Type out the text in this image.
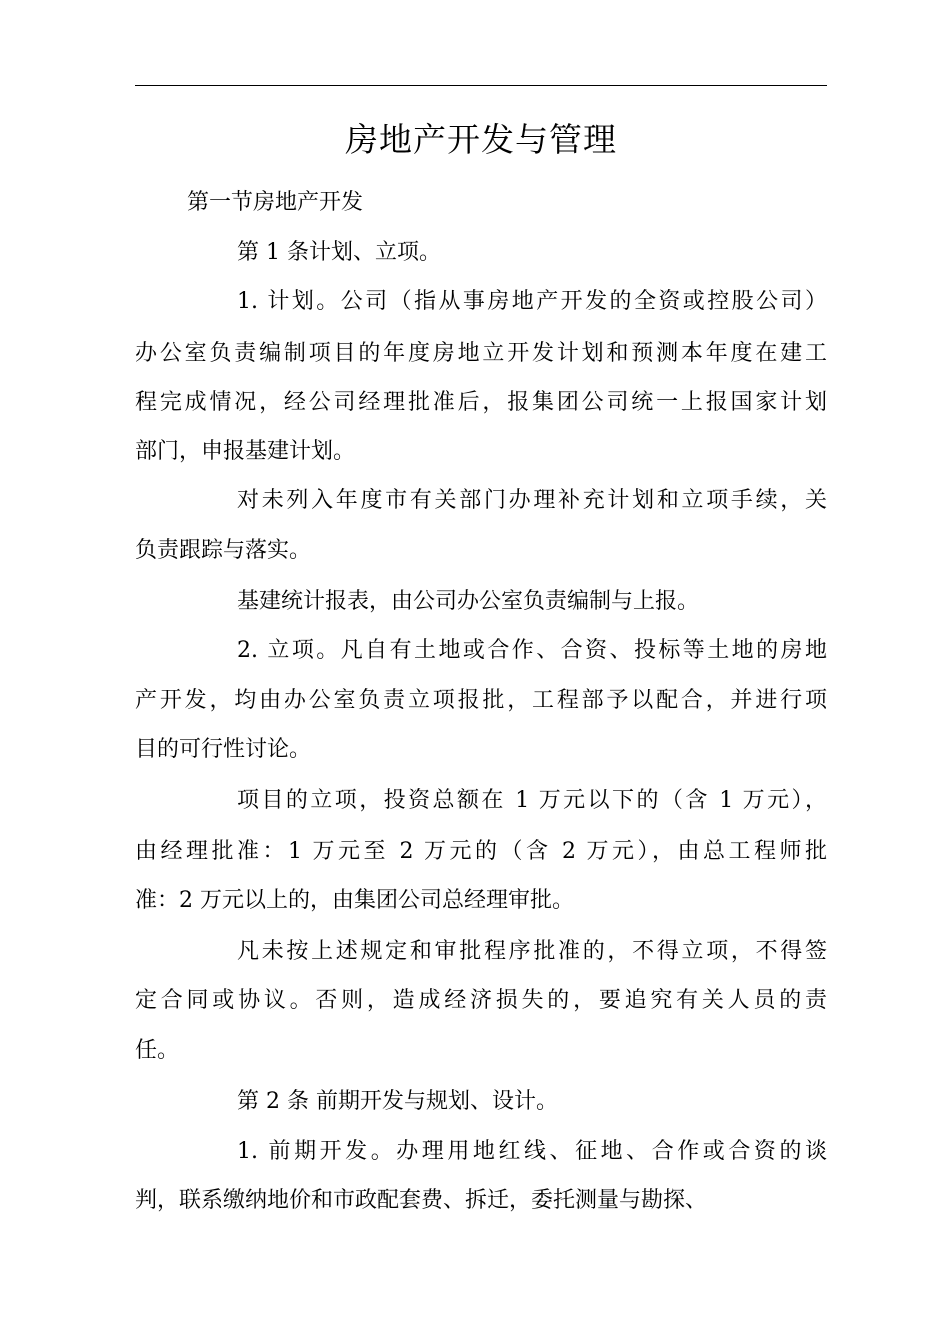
房地产开发与管理

第一节房地产开发

第 1 条计划、立项。

1. 计划。公司（指从事房地产开发的全资或控股公司）

办公室负责编制项目的年度房地立开发计划和预测本年度在建工

程完成情况，经公司经理批准后，报集团公司统一上报国家计划

部门，申报基建计划。

对未列入年度市有关部门办理补充计划和立项手续，关

负责跟踪与落实。

基建统计报表，由公司办公室负责编制与上报。

2. 立项。凡自有土地或合作、合资、投标等土地的房地

产开发，均由办公室负责立项报批，工程部予以配合，并进行项

目的可行性讨论。

项目的立项，投资总额在 1 万元以下的（含 1 万元），

由经理批准：1 万元至 2 万元的（含 2 万元），由总工程师批

准：2 万元以上的，由集团公司总经理审批。

凡未按上述规定和审批程序批准的，不得立项，不得签

定合同或协议。否则，造成经济损失的，要追究有关人员的责

任。

第 2 条 前期开发与规划、设计。

1. 前期开发。办理用地红线、征地、合作或合资的谈

判，联系缴纳地价和市政配套费、拆迁，委托测量与勘探、
